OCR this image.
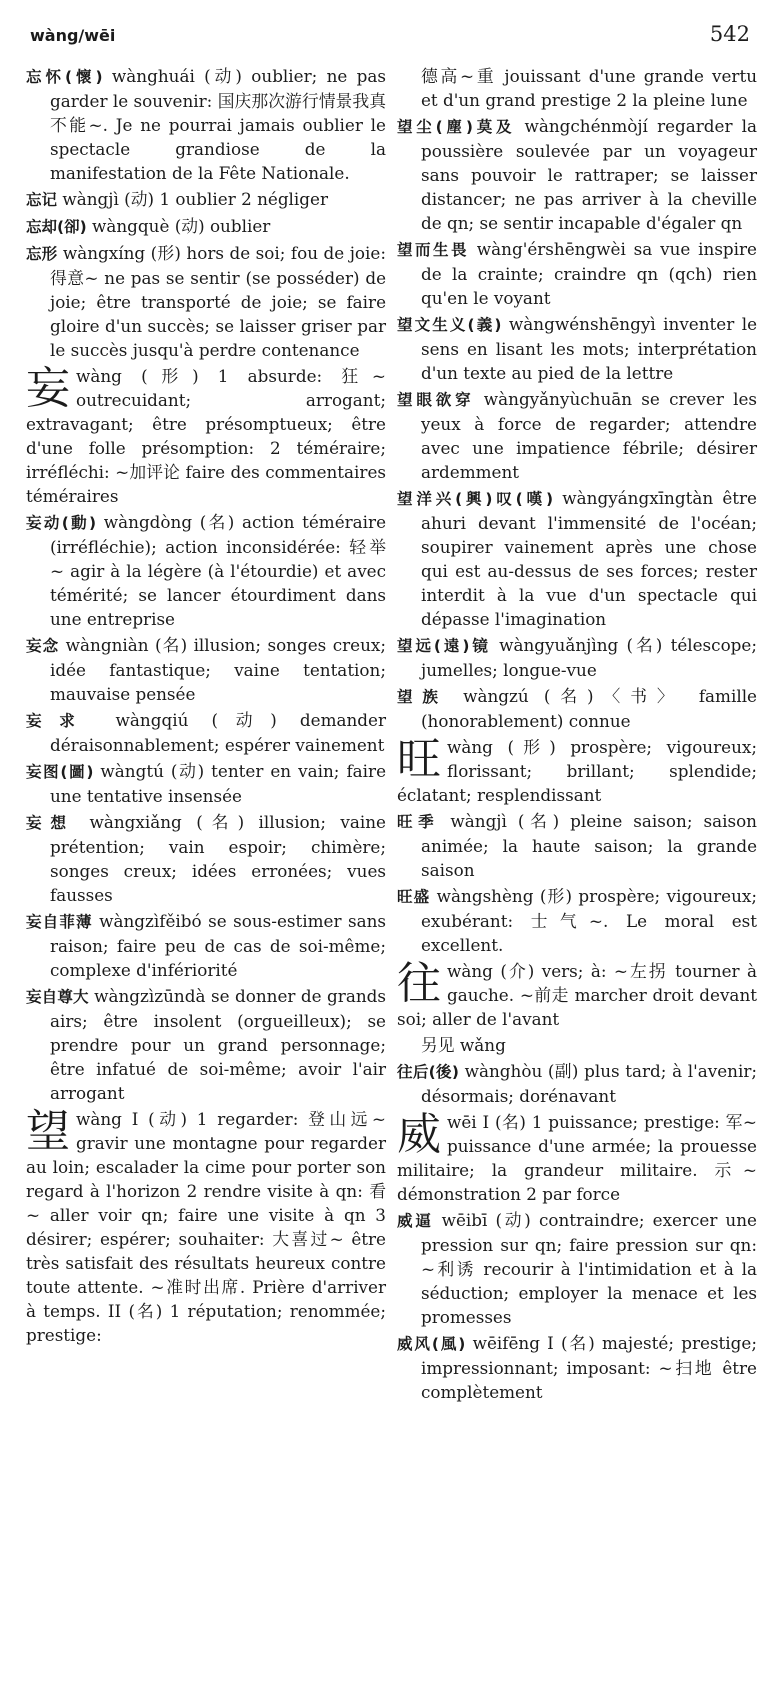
wàng/wēi	542
忘怀(懷) wànghuái (动) oublier; ne pas garder le souvenir: 国庆那次游行情景我真不能~. Je ne pourrai jamais oublier le spectacle grandiose de la manifestation de la Fête Nationale.
忘记 wàngjì (动) 1 oublier 2 négliger
忘却(卻) wàngquè (动) oublier
忘形 wàngxíng (形) hors de soi; fou de joie: 得意~ ne pas se sentir (se posséder) de joie; être transporté de joie; se faire gloire d'un succès; se laisser griser par le succès jusqu'à perdre contenance
妄 wàng (形) 1 absurde: 狂~ outrecuidant; arrogant; extravagant; être présomptueux; être d'une folle présomption: 2 téméraire; irréfléchi: ~加评论 faire des commentaires téméraires
妄动(動) wàngdòng (名) action téméraire (irréfléchie); action inconsidérée: 轻举~ agir à la légère (à l'étourdie) et avec témérité; se lancer étourdiment dans une entreprise
妄念 wàngniàn (名) illusion; songes creux; idée fantastique; vaine tentation; mauvaise pensée
妄求 wàngqiú (动) demander déraisonnablement; espérer vainement
妄图(圖) wàngtú (动) tenter en vain; faire une tentative insensée
妄想 wàngxiǎng (名) illusion; vaine prétention; vain espoir; chimère; songes creux; idées erronées; vues fausses
妄自菲薄 wàngzìfěibó se sous-estimer sans raison; faire peu de cas de soi-même; complexe d'infériorité
妄自尊大 wàngzìzūndà se donner de grands airs; être insolent (orgueilleux); se prendre pour un grand personnage; être infatué de soi-même; avoir l'air arrogant
望 wàng I (动) 1 regarder: 登山远~ gravir une montagne pour regarder au loin; escalader la cime pour porter son regard à l'horizon 2 rendre visite à qn: 看~ aller voir qn; faire une visite à qn 3 désirer; espérer; souhaiter: 大喜过~ être très satisfait des résultats heureux contre toute attente. ~准时出席. Prière d'arriver à temps. II (名) 1 réputation; renommée; prestige:
德高~重 jouissant d'une grande vertu et d'un grand prestige 2 la pleine lune
望尘(塵)莫及 wàngchénmòjí regarder la poussière soulevée par un voyageur sans pouvoir le rattraper; se laisser distancer; ne pas arriver à la cheville de qn; se sentir incapable d'égaler qn
望而生畏 wàng'érshēngwèi sa vue inspire de la crainte; craindre qn (qch) rien qu'en le voyant
望文生义(義) wàngwénshēngyì inventer le sens en lisant les mots; interprétation d'un texte au pied de la lettre
望眼欲穿 wàngyǎnyùchuān se crever les yeux à force de regarder; attendre avec une impatience fébrile; désirer ardemment
望洋兴(興)叹(嘆) wàngyángxīngtàn être ahuri devant l'immensité de l'océan; soupirer vainement après une chose qui est au-dessus de ses forces; rester interdit à la vue d'un spectacle qui dépasse l'imagination
望远(遠)镜 wàngyuǎnjìng (名) télescope; jumelles; longue-vue
望族 wàngzú (名)〈书〉 famille (honorablement) connue
旺 wàng (形) prospère; vigoureux; florissant; brillant; splendide; éclatant; resplendissant
旺季 wàngjì (名) pleine saison; saison animée; la haute saison; la grande saison
旺盛 wàngshèng (形) prospère; vigoureux; exubérant: 士气~. Le moral est excellent.
往 wàng (介) vers; à: ~左拐 tourner à gauche. ~前走 marcher droit devant soi; aller de l'avant
另见 wǎng
往后(後) wànghòu (副) plus tard; à l'avenir; désormais; dorénavant
威 wēi I (名) 1 puissance; prestige: 军~ puissance d'une armée; la prouesse militaire; la grandeur militaire. 示~ démonstration 2 par force
威逼 wēibī (动) contraindre; exercer une pression sur qn; faire pression sur qn: ~利诱 recourir à l'intimidation et à la séduction; employer la menace et les promesses
威风(風) wēifēng I (名) majesté; prestige; impressionnant; imposant: ~扫地 être complètement
